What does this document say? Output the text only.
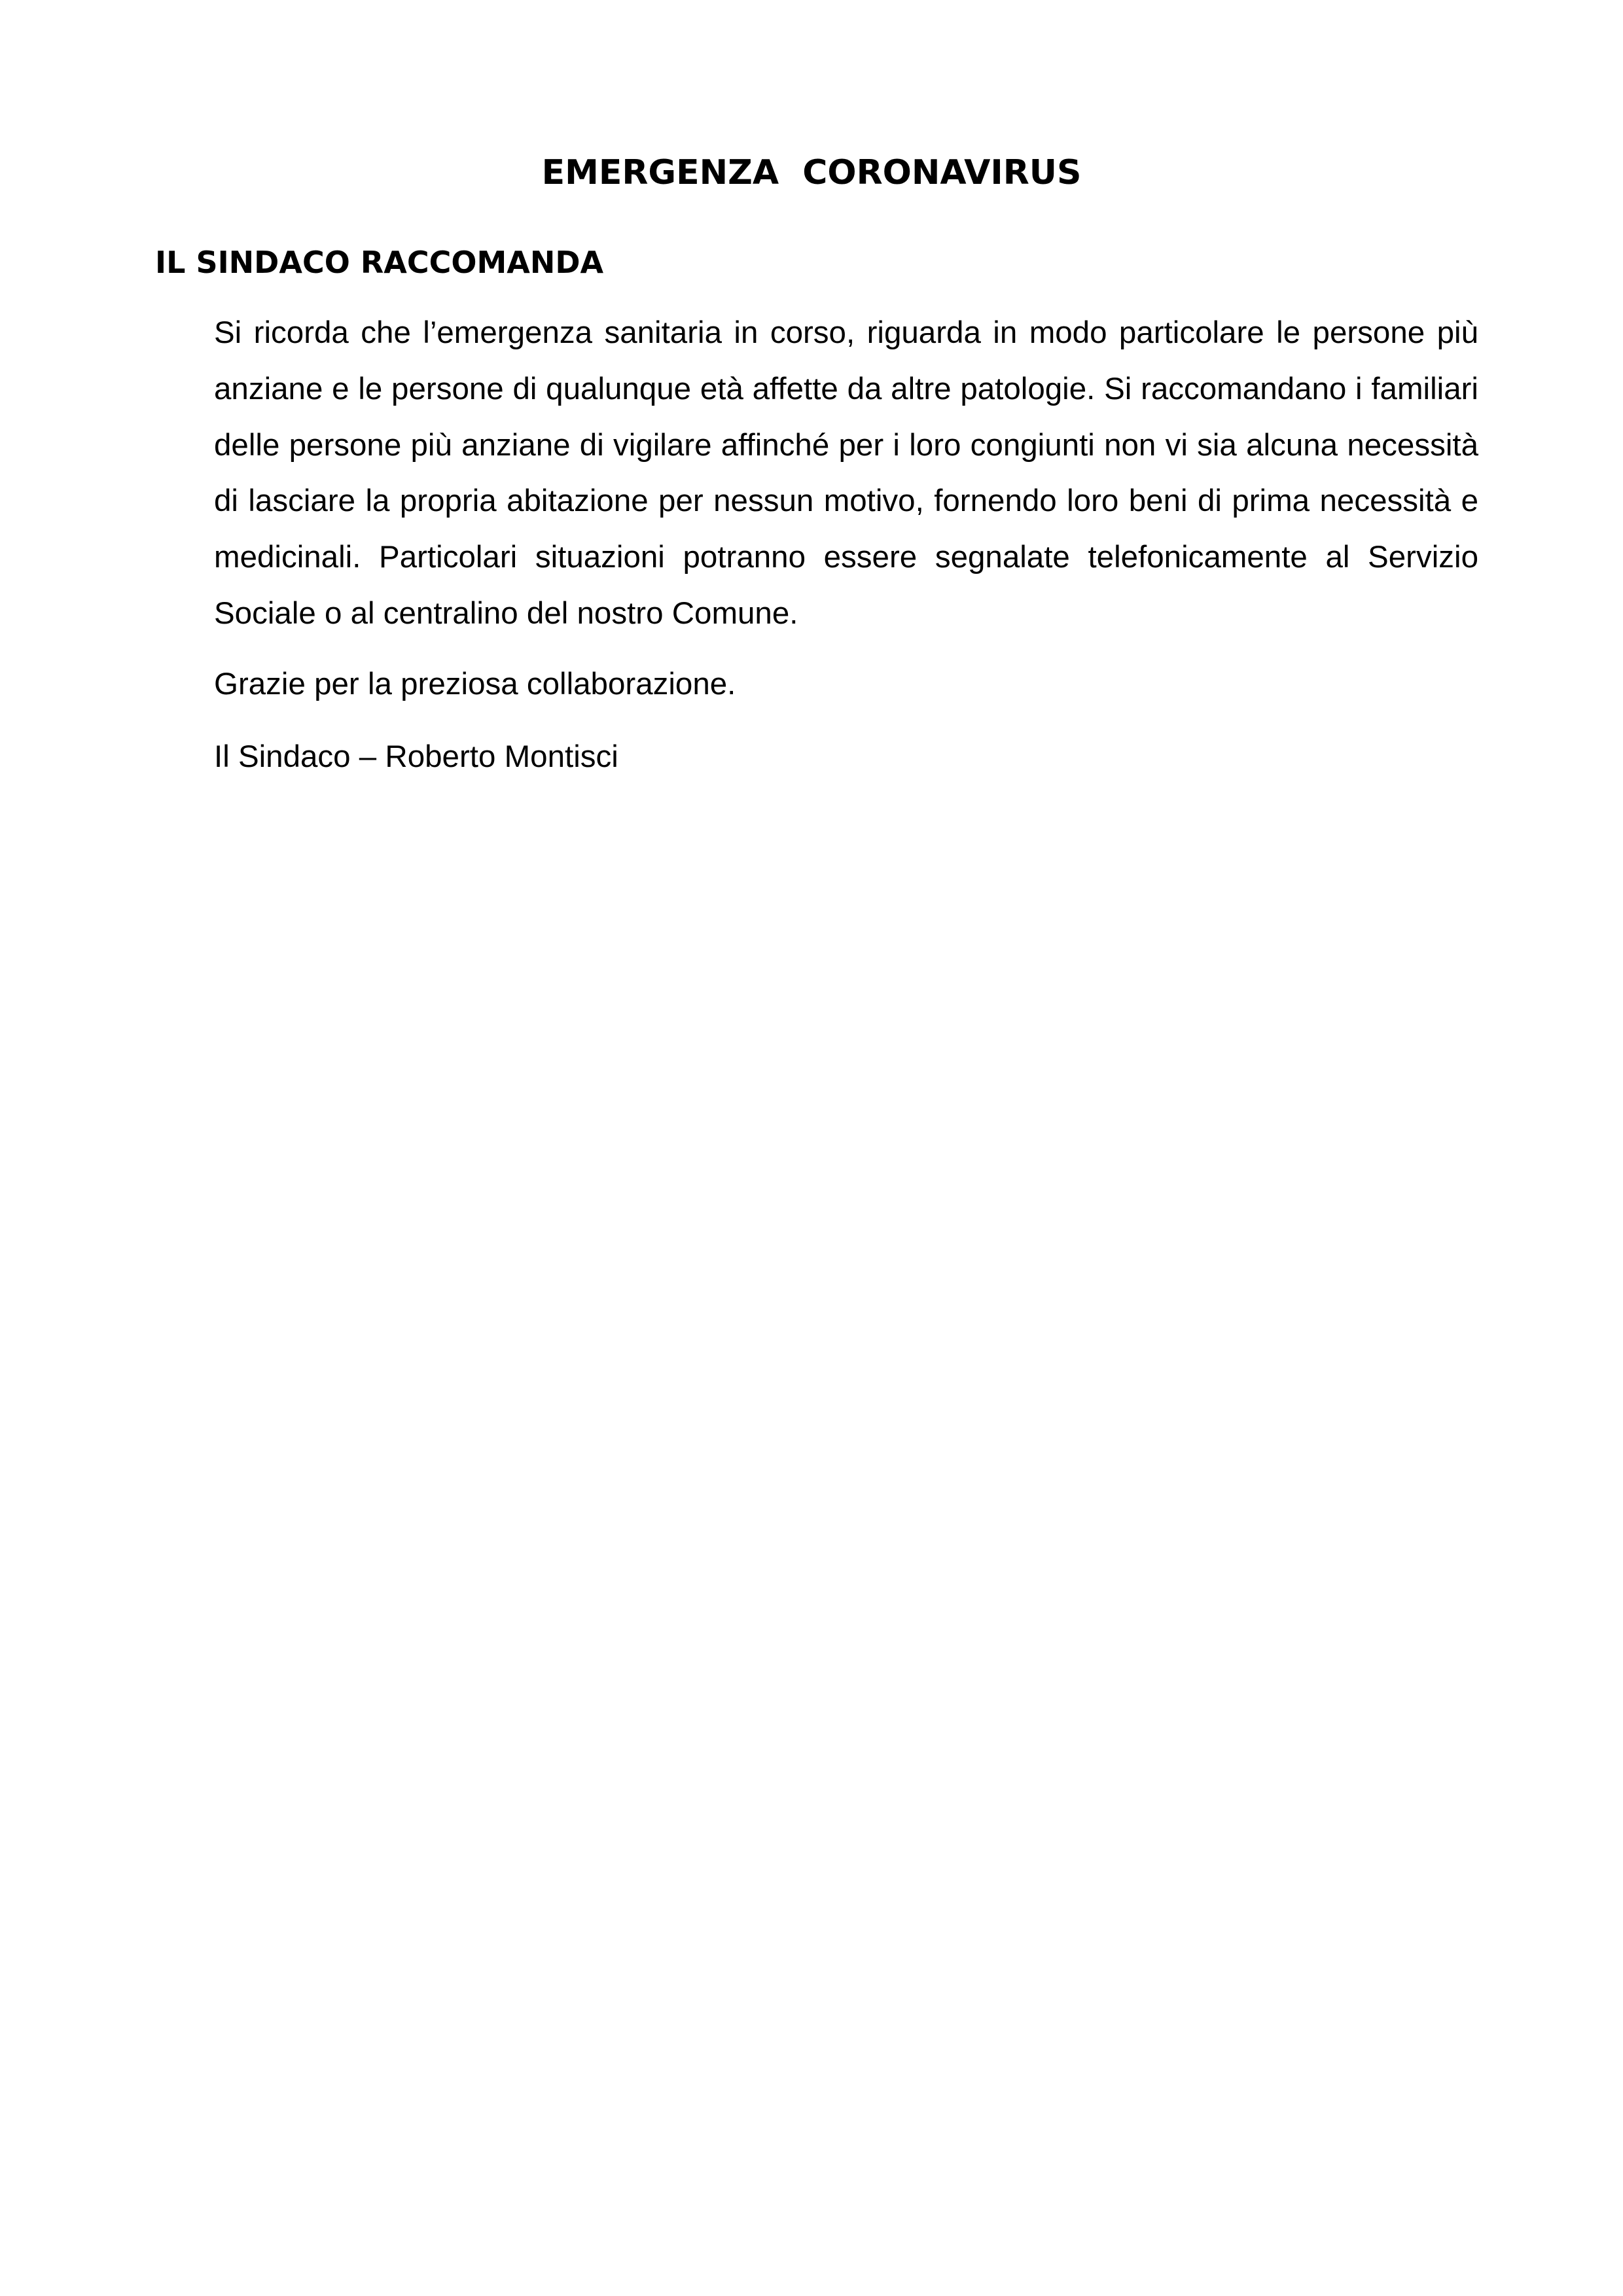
EMERGENZA  CORONAVIRUS
IL SINDACO RACCOMANDA

Si ricorda che l’emergenza sanitaria in corso, riguarda in modo particolare le persone più anziane e le persone di qualunque età affette da altre patologie. Si raccomandano i familiari delle persone più anziane di vigilare affinché per i loro congiunti non vi sia alcuna necessità di lasciare la propria abitazione per nessun motivo, fornendo loro beni di prima necessità e medicinali. Particolari situazioni potranno essere segnalate telefonicamente al Servizio Sociale o al centralino del nostro Comune.

Grazie per la preziosa collaborazione.

Il Sindaco – Roberto Montisci
